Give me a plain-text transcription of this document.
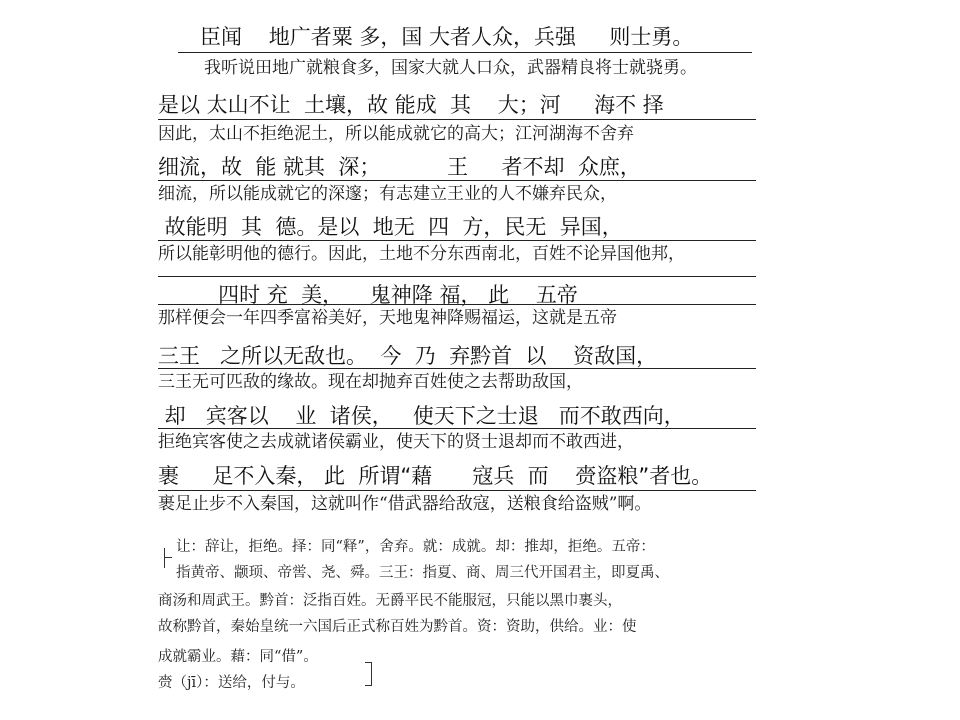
臣闻    地广者粟 多，国 大者人众，兵强     则士勇。
我听说田地广就粮食多，国家大就人口众，武器精良将士就骁勇。
是以 太山不让  土壤，故 能成  其    大；河     海不 择
因此，太山不拒绝泥土，所以能成就它的高大；江河湖海不舍弃
细流，故  能 就其  深；          王     者不却  众庶，
细流，所以能成就它的深邃；有志建立王业的人不嫌弃民众，
故能明  其  德。是以  地无  四  方，民无  异国，
所以能彰明他的德行。因此，土地不分东西南北，百姓不论异国他邦，
四时 充  美，    鬼神降 福， 此    五帝
那样便会一年四季富裕美好，天地鬼神降赐福运，这就是五帝
三王   之所以无敌也。  今  乃  弃黔首  以    资敌国，
三王无可匹敌的缘故。现在却抛弃百姓使之去帮助敌国，
却   宾客以    业  诸侯，   使天下之士退   而不敢西向，
拒绝宾客使之去成就诸侯霸业，使天下的贤士退却而不敢西进，
裹     足不入秦， 此  所谓“藉      寇兵  而    赍盗粮”者也。
裹足止步不入秦国，这就叫作“借武器给敌寇，送粮食给盗贼”啊。
让：辞让，拒绝。择：同“释”，舍弃。就：成就。却：推却，拒绝。五帝：
指黄帝、颛顼、帝喾、尧、舜。三王：指夏、商、周三代开国君主，即夏禹、
商汤和周武王。黔首：泛指百姓。无爵平民不能服冠，只能以黑巾裹头，
故称黔首，秦始皇统一六国后正式称百姓为黔首。资：资助，供给。业：使
成就霸业。藉：同“借”。
赍（jī）：送给，付与。
